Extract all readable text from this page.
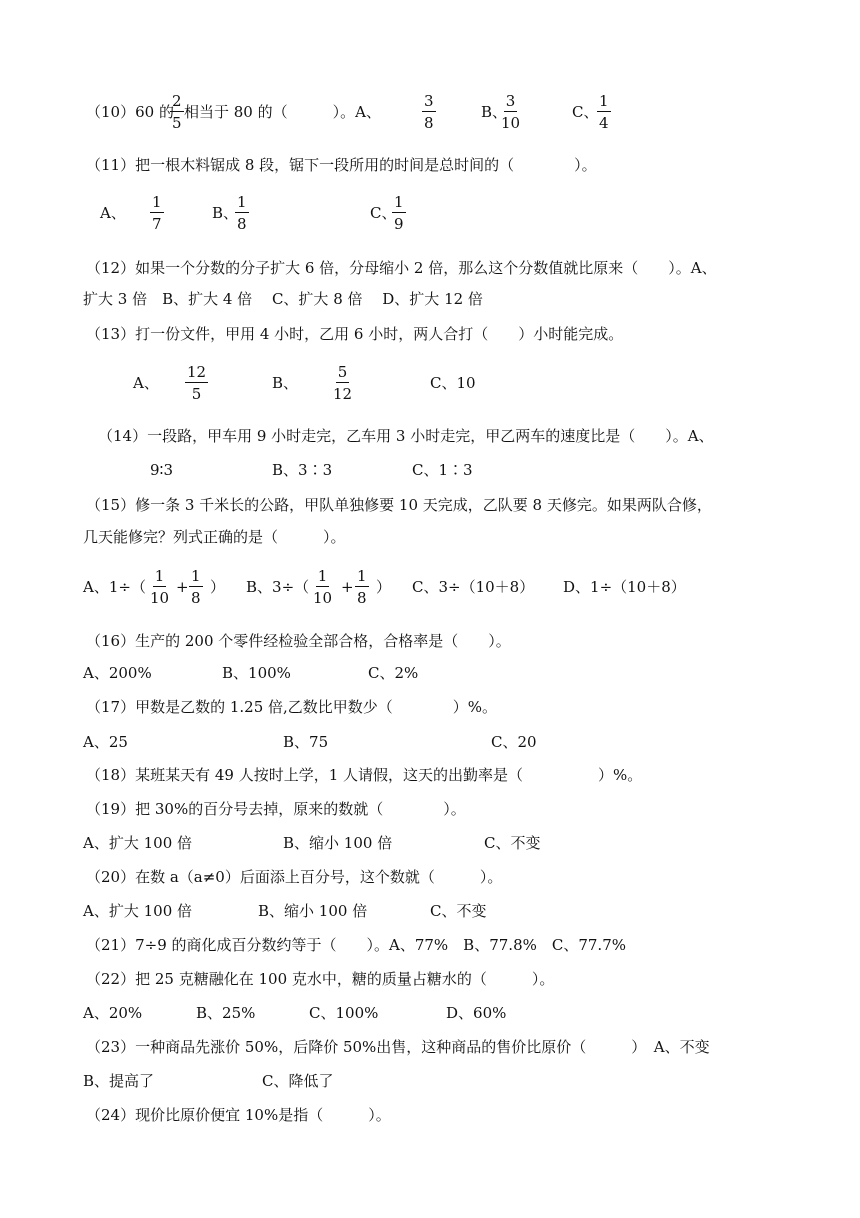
（10）60 的
$\frac{2}{5}$ 相当于 80 的（　　　）。A、	$\frac{3}{8}$	B、
$\frac{3}{10}$	C、
$\frac{1}{4}$
（11）把一根木料锯成 8 段，锯下一段所用的时间是总时间的（　　　　）。
A、 $\frac{1}{7}$	B、
$\frac{1}{8}$	C、
$\frac{1}{9}$
（12）如果一个分数的分子扩大 6 倍，分母缩小 2 倍，那么这个分数值就比原来（　　）。A、
扩大 3 倍　B、扩大 4 倍　 C、扩大 8 倍　 D、扩大 12 倍
（13）打一份文件，甲用 4 小时，乙用 6 小时，两人合打（　　）小时能完成。
A、 $\frac{12}{5}$	B、 $\frac{5}{12}$	C、10
（14）一段路，甲车用 9 小时走完，乙车用 3 小时走完，甲乙两车的速度比是（　　）。A、
9∶3	B、3∶3	C、1∶3
（15）修一条 3 千米长的公路，甲队单独修要 10 天完成，乙队要 8 天修完。如果两队合修，
几天能修完？列式正确的是（　　　）。
A、$1\div( \frac{1}{10} + \frac{1}{8}$ ） B、$3\div( \frac{1}{10} + \frac{1}{8}$ ） C、3÷（10＋8） D、1÷（10＋8）
（16）生产的 200 个零件经检验全部合格，合格率是（　　）。
A、200%	B、100%	C、2%
（17）甲数是乙数的 1.25 倍,乙数比甲数少（　　　　）%。
A、25	B、75	C、20
（18）某班某天有 49 人按时上学，1 人请假，这天的出勤率是（　　　　　）%。
（19）把 30%的百分号去掉，原来的数就（　　　　）。
A、扩大 100 倍	B、缩小 100 倍	C、不变
（20）在数 a（a≠0）后面添上百分号，这个数就（　　　）。
A、扩大 100 倍	B、缩小 100 倍	C、不变
（21）7÷9 的商化成百分数约等于（　　）。A、77%　B、77.8%　C、77.7%
（22）把 25 克糖融化在 100 克水中，糖的质量占糖水的（　　　）。
A、20%	B、25%	C、100%	D、60%
（23）一种商品先涨价 50%，后降价 50%出售，这种商品的售价比原价（　　　）　A、不变
B、提高了	C、降低了
（24）现价比原价便宜 10%是指（　　　）。
